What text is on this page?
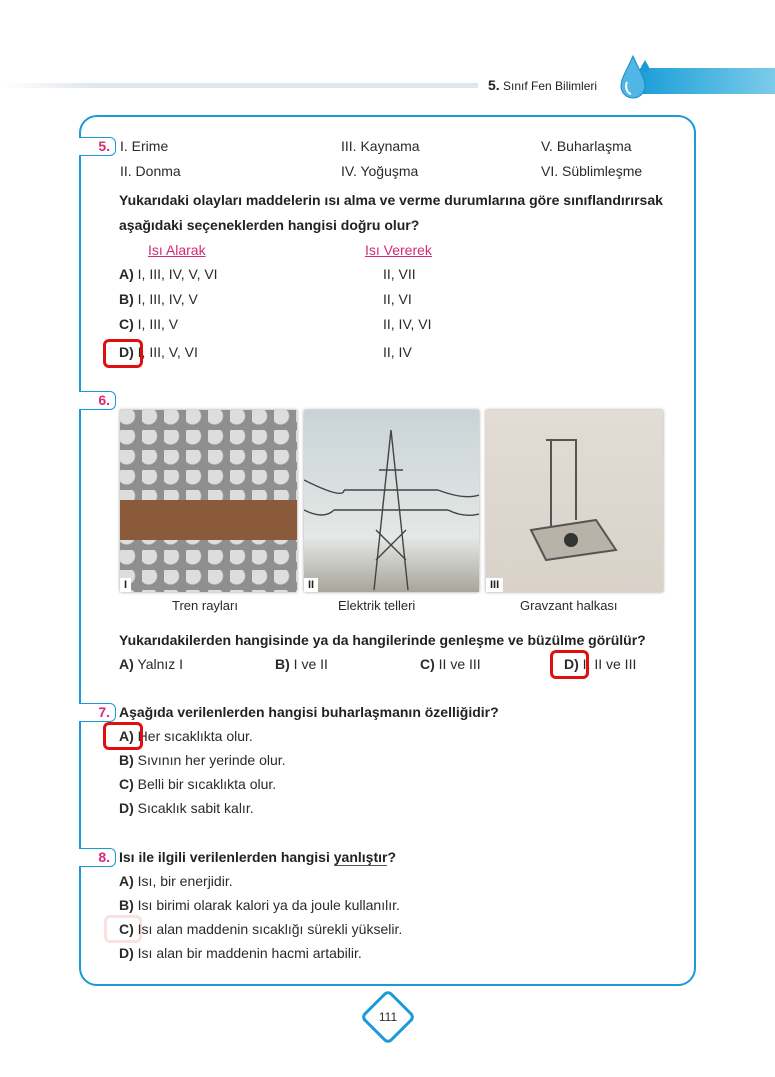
5. Sınıf Fen Bilimleri
5. I. Erime	III. Kaynama	V. Buharlaşma
II. Donma	IV. Yoğuşma	VI. Süblimleşme
Yukarıdaki olayları maddelerin ısı alma ve verme durumlarına göre sınıflandırırsak
aşağıdaki seçeneklerden hangisi doğru olur?
Isı Alarak	Isı Vererek
A) I, III, IV, V, VI	II, VII
B) I, III, IV, V	II, VI
C) I, III, V	II, IV, VI
D) I, III, V, VI	II, IV
6.
I	II	III
Tren rayları	Elektrik telleri	Gravzant halkası
Yukarıdakilerden hangisinde ya da hangilerinde genleşme ve büzülme görülür?
A) Yalnız I	B) I ve II	C) II ve III	D) I, II ve III
7. Aşağıda verilenlerden hangisi buharlaşmanın özelliğidir?
A) Her sıcaklıkta olur.
B) Sıvının her yerinde olur.
C) Belli bir sıcaklıkta olur.
D) Sıcaklık sabit kalır.
8. Isı ile ilgili verilenlerden hangisi yanlıştır?
A) Isı, bir enerjidir.
B) Isı birimi olarak kalori ya da joule kullanılır.
C) Isı alan maddenin sıcaklığı sürekli yükselir.
D) Isı alan bir maddenin hacmi artabilir.
111
